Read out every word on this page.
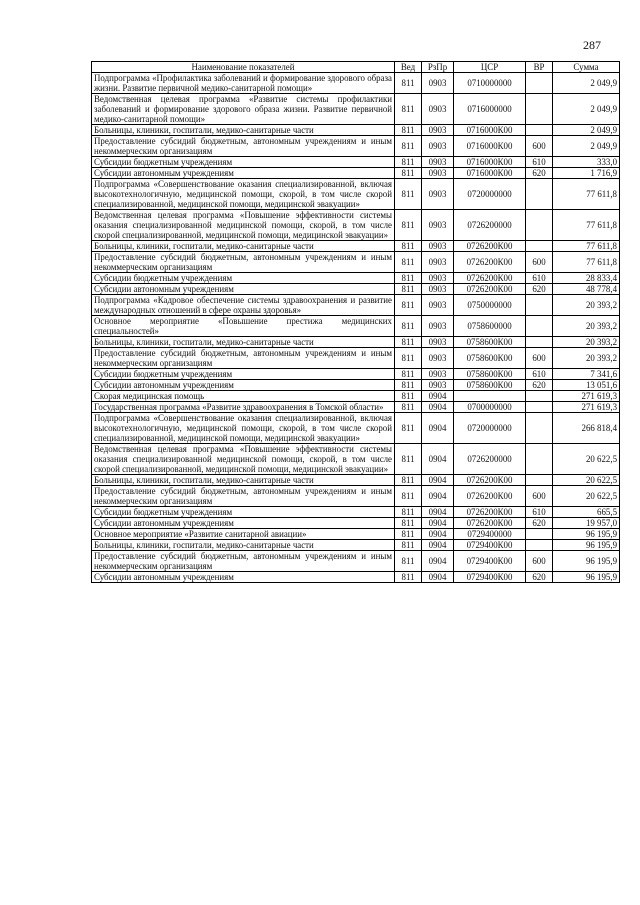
287
Наименование показателей	Вед	РзПр	ЦСР	ВР	Сумма
Подпрограмма «Профилактика заболеваний и формирование здорового образа жизни. Развитие первичной медико-санитарной помощи»	811	0903	0710000000		2 049,9
Ведомственная целевая программа «Развитие системы профилактики заболеваний и формирование здорового образа жизни. Развитие первичной медико-санитарной помощи»	811	0903	0716000000		2 049,9
Больницы, клиники, госпитали, медико-санитарные части	811	0903	0716000К00		2 049,9
Предоставление субсидий бюджетным, автономным учреждениям и иным некоммерческим организациям	811	0903	0716000К00	600	2 049,9
Субсидии бюджетным учреждениям	811	0903	0716000К00	610	333,0
Субсидии автономным учреждениям	811	0903	0716000К00	620	1 716,9
Подпрограмма «Совершенствование оказания специализированной, включая высокотехнологичную, медицинской помощи, скорой, в том числе скорой специализированной, медицинской помощи, медицинской эвакуации»	811	0903	0720000000		77 611,8
Ведомственная целевая программа «Повышение эффективности системы оказания специализированной медицинской помощи, скорой, в том числе скорой специализированной, медицинской помощи, медицинской эвакуации»	811	0903	0726200000		77 611,8
Больницы, клиники, госпитали, медико-санитарные части	811	0903	0726200К00		77 611,8
Предоставление субсидий бюджетным, автономным учреждениям и иным некоммерческим организациям	811	0903	0726200К00	600	77 611,8
Субсидии бюджетным учреждениям	811	0903	0726200К00	610	28 833,4
Субсидии автономным учреждениям	811	0903	0726200К00	620	48 778,4
Подпрограмма «Кадровое обеспечение системы здравоохранения и развитие международных отношений в сфере охраны здоровья»	811	0903	0750000000		20 393,2
Основное мероприятие «Повышение престижа медицинских специальностей»	811	0903	0758600000		20 393,2
Больницы, клиники, госпитали, медико-санитарные части	811	0903	0758600К00		20 393,2
Предоставление субсидий бюджетным, автономным учреждениям и иным некоммерческим организациям	811	0903	0758600К00	600	20 393,2
Субсидии бюджетным учреждениям	811	0903	0758600К00	610	7 341,6
Субсидии автономным учреждениям	811	0903	0758600К00	620	13 051,6
Скорая медицинская помощь	811	0904			271 619,3
Государственная программа «Развитие здравоохранения в Томской области»	811	0904	0700000000		271 619,3
Подпрограмма «Совершенствование оказания специализированной, включая высокотехнологичную, медицинской помощи, скорой, в том числе скорой специализированной, медицинской помощи, медицинской эвакуации»	811	0904	0720000000		266 818,4
Ведомственная целевая программа «Повышение эффективности системы оказания специализированной медицинской помощи, скорой, в том числе скорой специализированной, медицинской помощи, медицинской эвакуации»	811	0904	0726200000		20 622,5
Больницы, клиники, госпитали, медико-санитарные части	811	0904	0726200К00		20 622,5
Предоставление субсидий бюджетным, автономным учреждениям и иным некоммерческим организациям	811	0904	0726200К00	600	20 622,5
Субсидии бюджетным учреждениям	811	0904	0726200К00	610	665,5
Субсидии автономным учреждениям	811	0904	0726200К00	620	19 957,0
Основное мероприятие «Развитие санитарной авиации»	811	0904	0729400000		96 195,9
Больницы, клиники, госпитали, медико-санитарные части	811	0904	0729400К00		96 195,9
Предоставление субсидий бюджетным, автономным учреждениям и иным некоммерческим организациям	811	0904	0729400К00	600	96 195,9
Субсидии автономным учреждениям	811	0904	0729400К00	620	96 195,9
